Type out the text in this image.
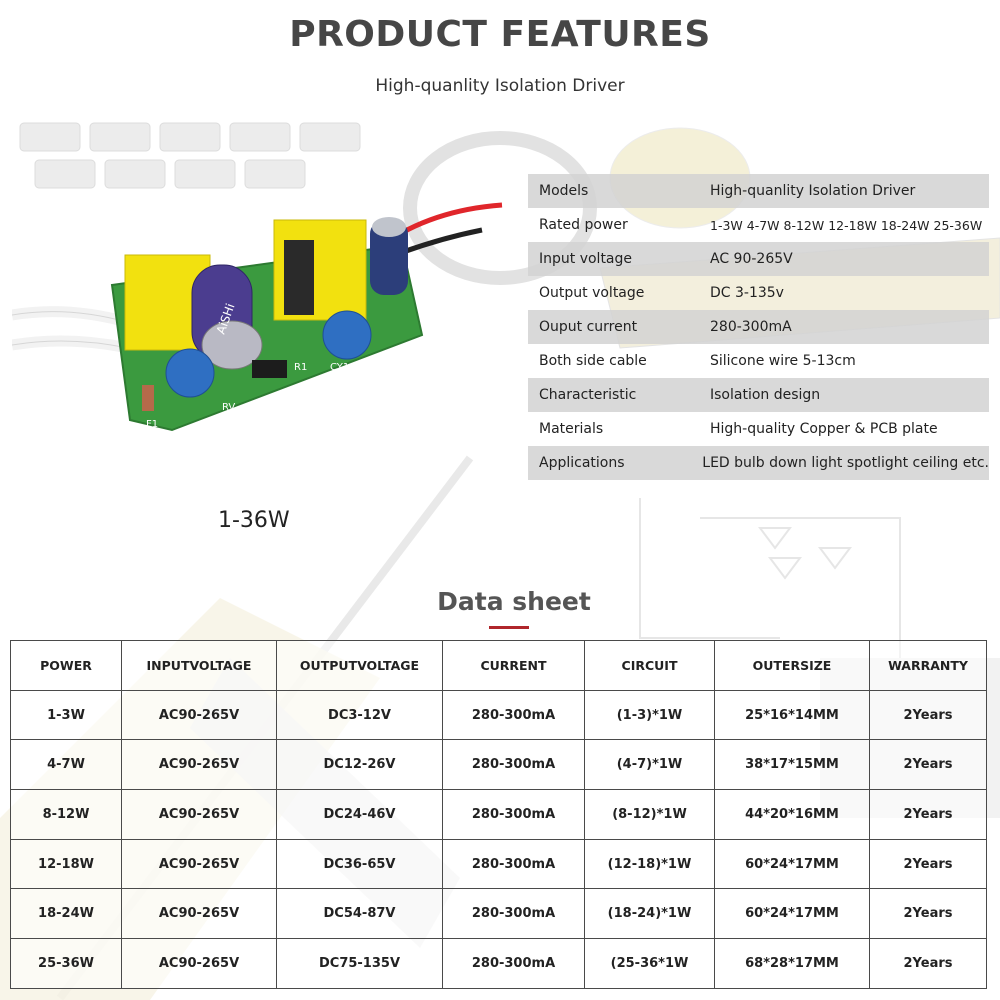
PRODUCT FEATURES
High-quanlity Isolation Driver
AiSHi
RV
CY1
F1
R1
1-36W
Models	High-quanlity Isolation Driver
Rated power	1-3W 4-7W 8-12W 12-18W 18-24W 25-36W
Input voltage	AC 90-265V
Output voltage	DC 3-135v
Ouput current	280-300mA
Both side cable	Silicone wire 5-13cm
Characteristic	Isolation design
Materials	High-quality Copper & PCB plate
Applications	LED bulb down light spotlight ceiling etc.
Data sheet
POWER	INPUTVOLTAGE	OUTPUTVOLTAGE	CURRENT	CIRCUIT	OUTERSIZE	WARRANTY
1-3W	AC90-265V	DC3-12V	280-300mA	(1-3)*1W	25*16*14MM	2Years
4-7W	AC90-265V	DC12-26V	280-300mA	(4-7)*1W	38*17*15MM	2Years
8-12W	AC90-265V	DC24-46V	280-300mA	(8-12)*1W	44*20*16MM	2Years
12-18W	AC90-265V	DC36-65V	280-300mA	(12-18)*1W	60*24*17MM	2Years
18-24W	AC90-265V	DC54-87V	280-300mA	(18-24)*1W	60*24*17MM	2Years
25-36W	AC90-265V	DC75-135V	280-300mA	(25-36*1W	68*28*17MM	2Years
